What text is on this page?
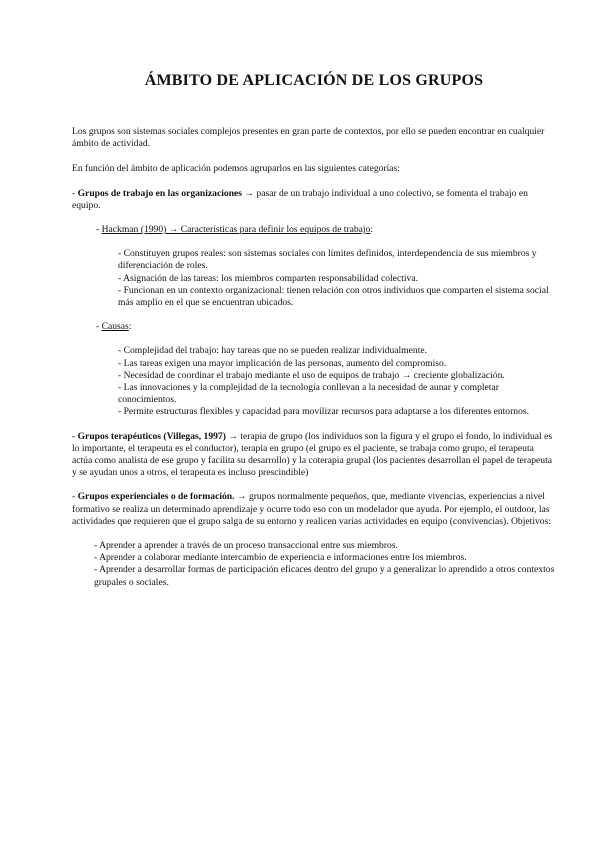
ÁMBITO DE APLICACIÓN DE LOS GRUPOS

Los grupos son sistemas sociales complejos presentes en gran parte de contextos, por ello se pueden encontrar en cualquier ámbito de actividad.

En función del ámbito de aplicación podemos agruparlos en las siguientes categorías:

- Grupos de trabajo en las organizaciones → pasar de un trabajo individual a uno colectivo, se fomenta el trabajo en equipo.

- Hackman (1990) → Características para definir los equipos de trabajo:

- Constituyen grupos reales: son sistemas sociales con límites definidos, interdependencia de sus miembros y diferenciación de roles.

- Asignación de las tareas: los miembros comparten responsabilidad colectiva.

- Funcionan en un contexto organizacional: tienen relación con otros individuos que comparten el sistema social más amplio en el que se encuentran ubicados.

- Causas:

- Complejidad del trabajo: hay tareas que no se pueden realizar individualmente.

- Las tareas exigen una mayor implicación de las personas, aumento del compromiso.

- Necesidad de coordinar el trabajo mediante el uso de equipos de trabajo → creciente globalización.

- Las innovaciones y la complejidad de la tecnología conllevan a la necesidad de aunar y completar conocimientos.

- Permite estructuras flexibles y capacidad para movilizar recursos para adaptarse a los diferentes entornos.

- Grupos terapéuticos (Villegas, 1997) → terapia de grupo (los individuos son la figura y el grupo el fondo, lo individual es lo importante, el terapeuta es el conductor), terapia en grupo (el grupo es el paciente, se trabaja como grupo, el terapeuta actúa como analista de ese grupo y facilita su desarrollo) y la coterapia grupal (los pacientes desarrollan el papel de terapeuta y se ayudan unos a otros, el terapeuta es incluso prescindible)

- Grupos experienciales o de formación. → grupos normalmente pequeños, que, mediante vivencias, experiencias a nivel formativo se realiza un determinado aprendizaje y ocurre todo eso con un modelador que ayuda. Por ejemplo, el outdoor, las actividades que requieren que el grupo salga de su entorno y realicen varias actividades en equipo (convivencias). Objetivos:

- Aprender a aprender a través de un proceso transaccional entre sus miembros.

- Aprender a colaborar mediante intercambio de experiencia e informaciones entre los miembros.

- Aprender a desarrollar formas de participación eficaces dentro del grupo y a generalizar lo aprendido a otros contextos grupales o sociales.
